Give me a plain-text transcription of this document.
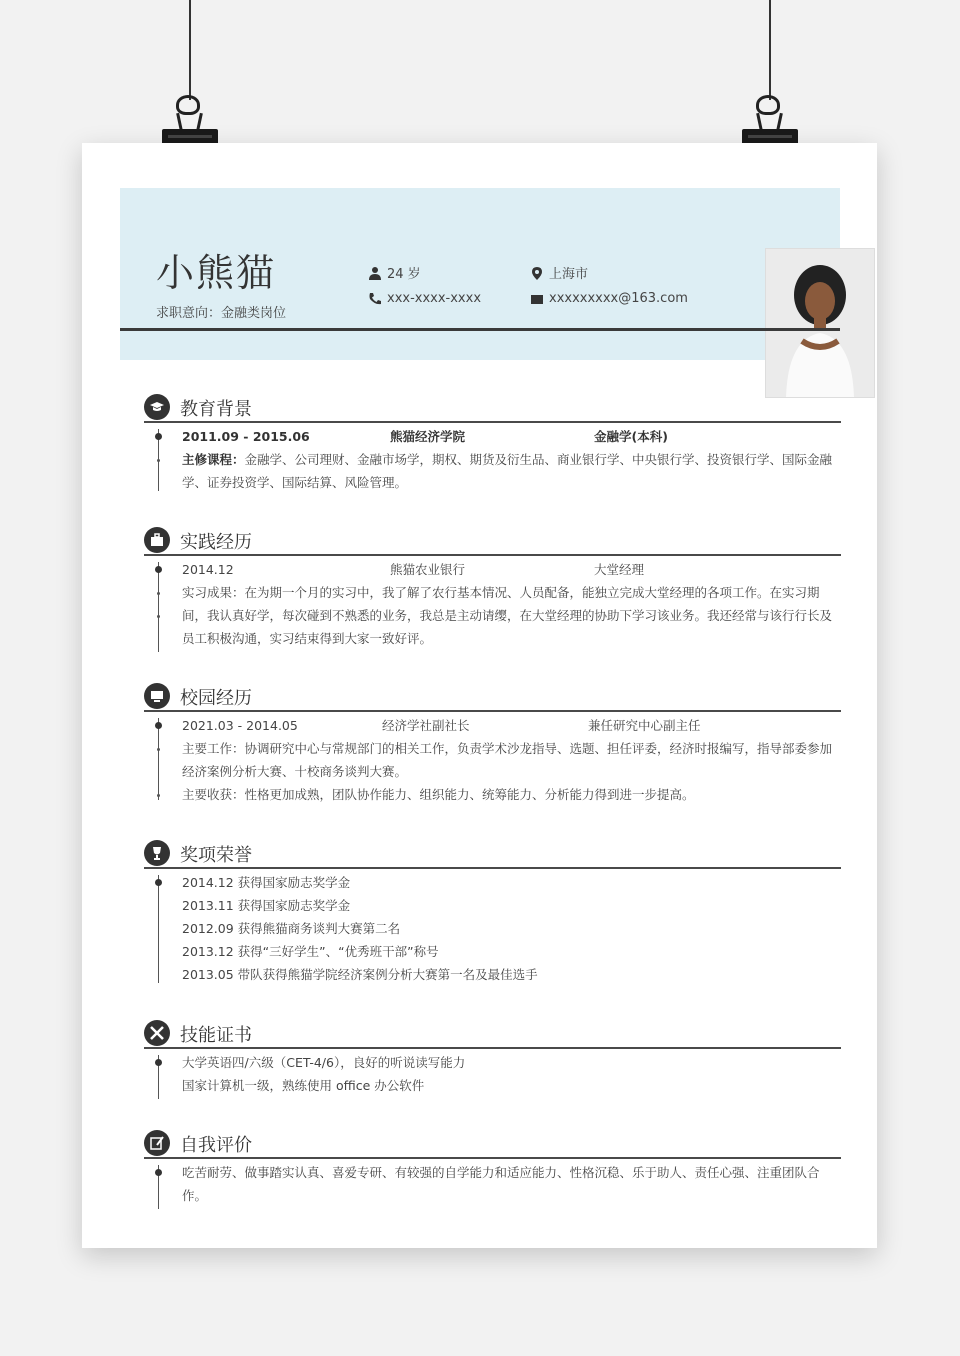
小熊猫
求职意向：金融类岗位
24 岁
xxx-xxxx-xxxx
上海市
xxxxxxxxx@163.com
教育背景
2011.09 - 2015.06	熊猫经济学院	金融学(本科)
主修课程：金融学、公司理财、金融市场学，期权、期货及衍生品、商业银行学、中央银行学、投资银行学、国际金融学、证券投资学、国际结算、风险管理。
实践经历
2014.12	熊猫农业银行	大堂经理
实习成果：在为期一个月的实习中，我了解了农行基本情况、人员配备，能独立完成大堂经理的各项工作。在实习期间，我认真好学，每次碰到不熟悉的业务，我总是主动请缨，在大堂经理的协助下学习该业务。我还经常与该行行长及员工积极沟通，实习结束得到大家一致好评。
校园经历
2021.03 - 2014.05	经济学社副社长	兼任研究中心副主任
主要工作：协调研究中心与常规部门的相关工作，负责学术沙龙指导、选题、担任评委，经济时报编写，指导部委参加经济案例分析大赛、十校商务谈判大赛。
主要收获：性格更加成熟，团队协作能力、组织能力、统筹能力、分析能力得到进一步提高。
奖项荣誉
2014.12 获得国家励志奖学金
2013.11 获得国家励志奖学金
2012.09 获得熊猫商务谈判大赛第二名
2013.12 获得“三好学生”、“优秀班干部”称号
2013.05 带队获得熊猫学院经济案例分析大赛第一名及最佳选手
技能证书
大学英语四/六级（CET-4/6），良好的听说读写能力
国家计算机一级，熟练使用 office 办公软件
自我评价
吃苦耐劳、做事踏实认真、喜爱专研、有较强的自学能力和适应能力、性格沉稳、乐于助人、责任心强、注重团队合作。
